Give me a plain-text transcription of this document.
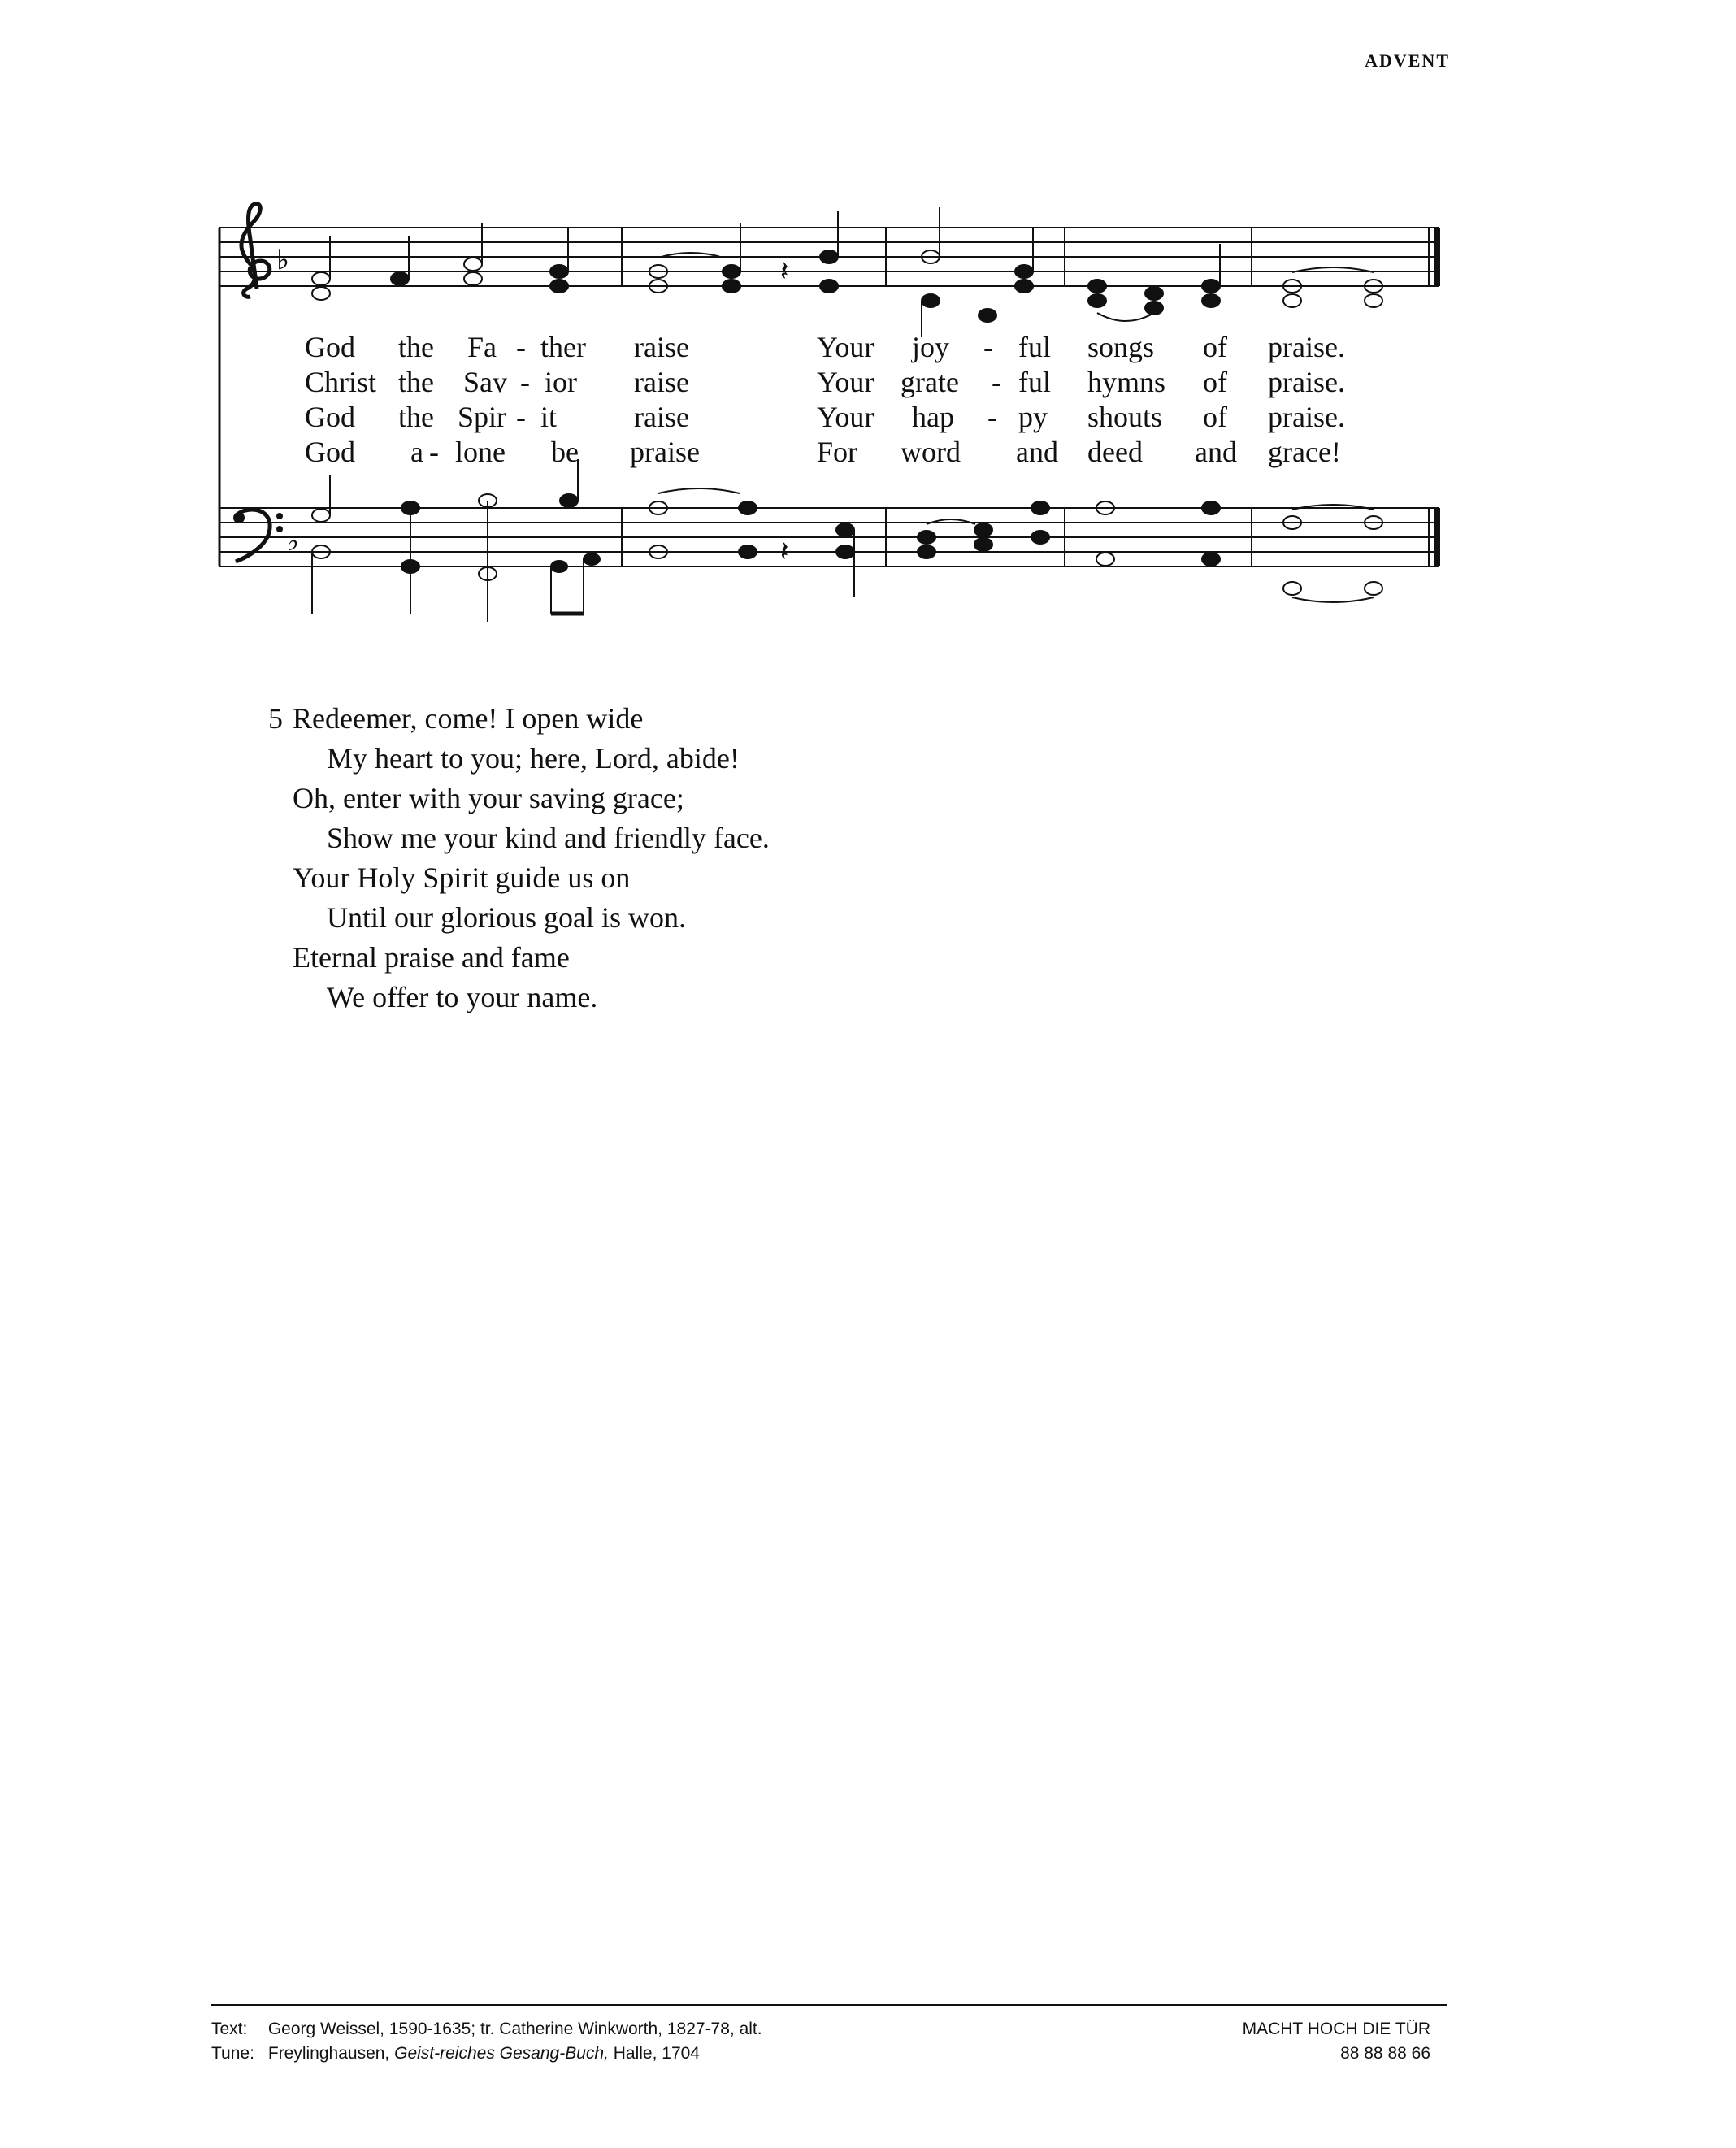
ADVENT
♭
♭
𝄽
𝄽
God the Fa - ther raise	Your joy - ful songs of praise.
Christ the Sav - ior raise	Your grate - ful hymns of praise.
God the Spir - it	raise	Your hap - py shouts of praise.
God a - lone be praise	For word and deed and grace!
5 Redeemer, come! I open wide
My heart to you; here, Lord, abide!
Oh, enter with your saving grace;
Show me your kind and friendly face.
Your Holy Spirit guide us on
Until our glorious goal is won.
Eternal praise and fame
We offer to your name.
Text: Georg Weissel, 1590-1635; tr. Catherine Winkworth, 1827-78, alt.
Tune: Freylinghausen, Geist-reiches Gesang-Buch, Halle, 1704
MACHT HOCH DIE TÜR
88 88 88 66
